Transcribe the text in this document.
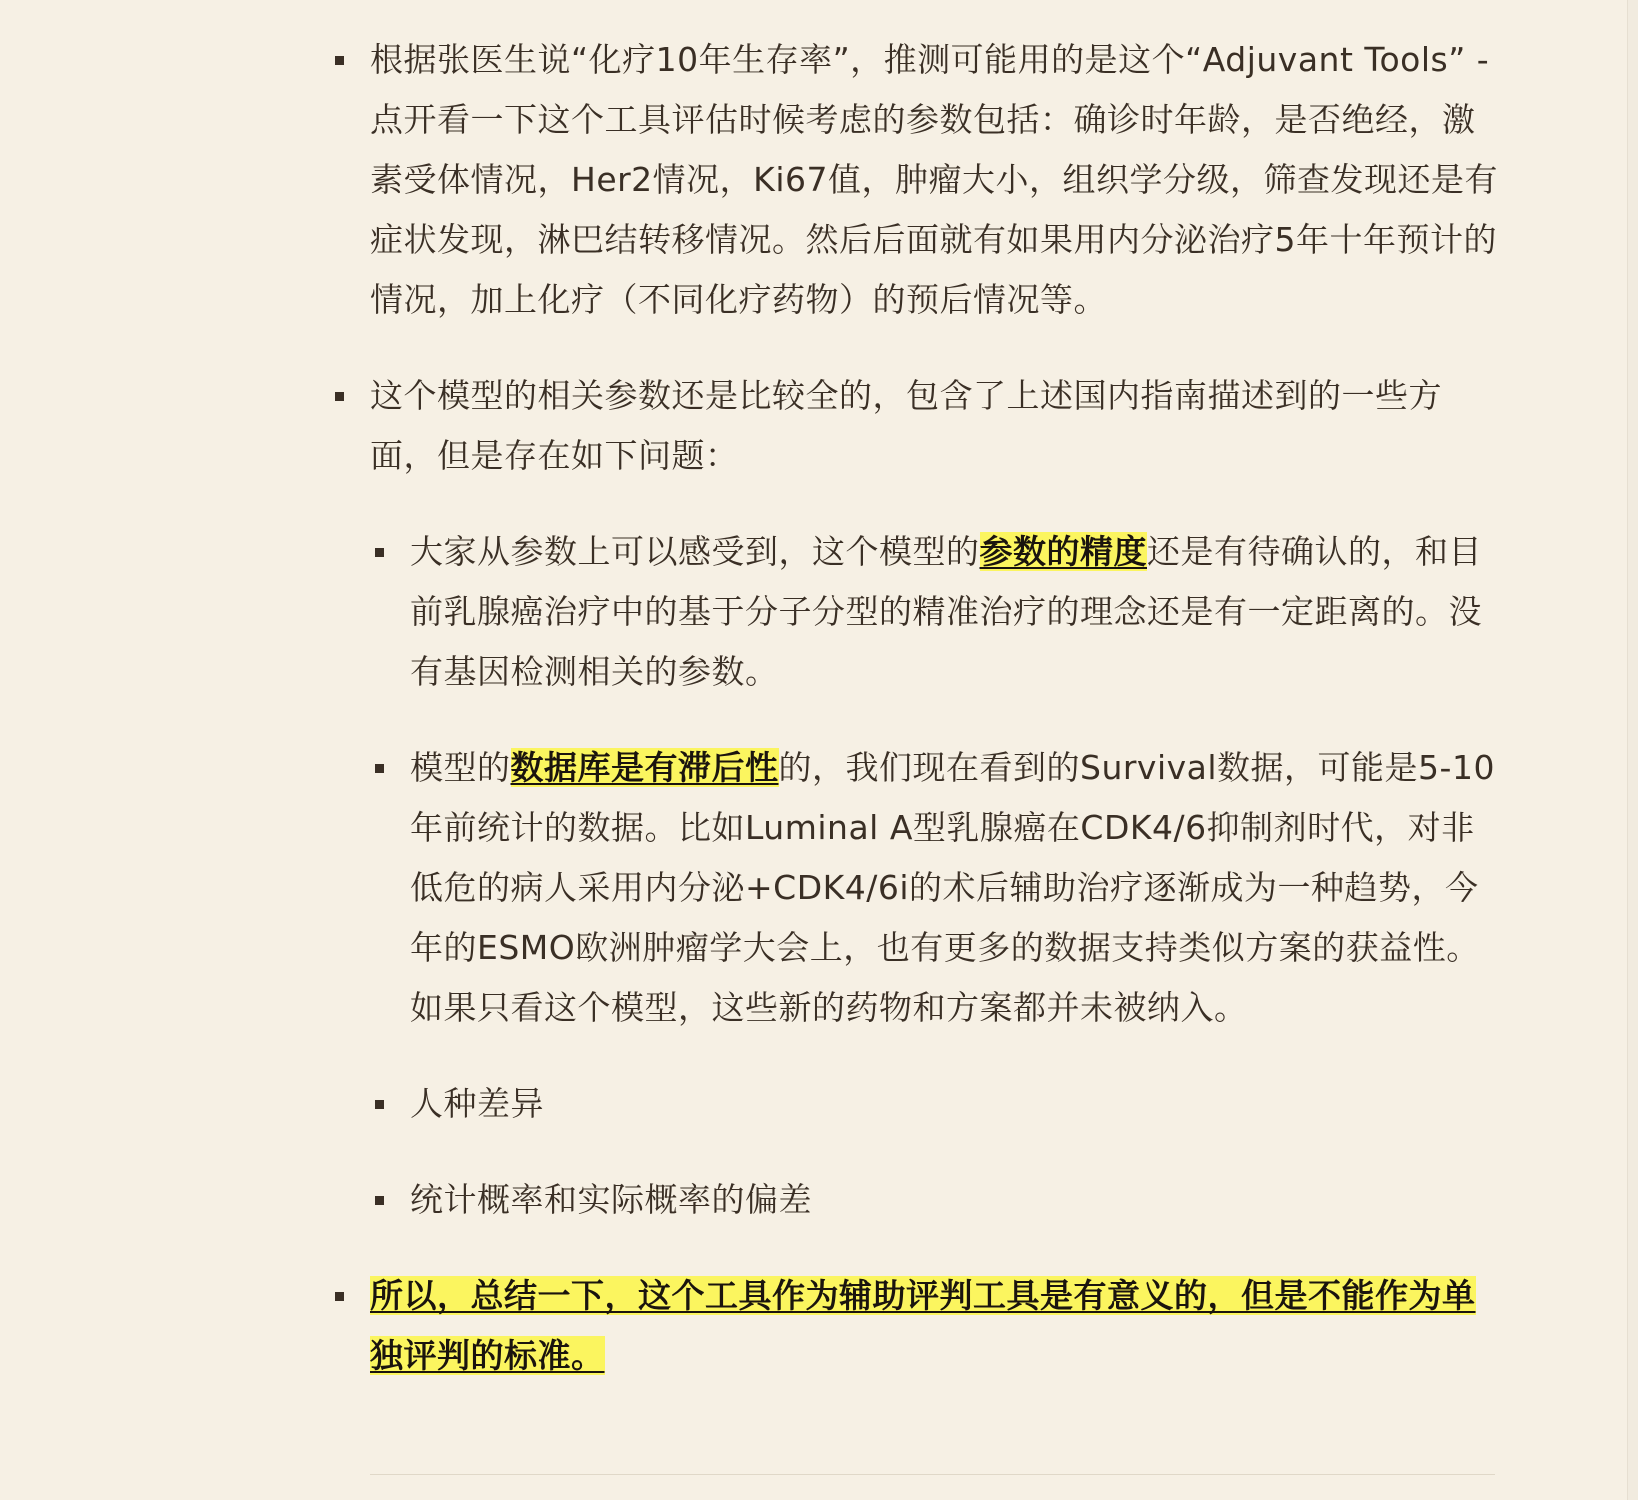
根据张医生说“化疗10年生存率”，推测可能用的是这个“Adjuvant Tools” - 点开看一下这个工具评估时候考虑的参数包括：确诊时年龄，是否绝经，激素受体情况，Her2情况，Ki67值，肿瘤大小，组织学分级，筛查发现还是有症状发现，淋巴结转移情况。然后后面就有如果用内分泌治疗5年十年预计的情况，加上化疗（不同化疗药物）的预后情况等。
这个模型的相关参数还是比较全的，包含了上述国内指南描述到的一些方面，但是存在如下问题：
大家从参数上可以感受到，这个模型的参数的精度还是有待确认的，和目前乳腺癌治疗中的基于分子分型的精准治疗的理念还是有一定距离的。没有基因检测相关的参数。
模型的数据库是有滞后性的，我们现在看到的Survival数据，可能是5-10年前统计的数据。比如Luminal A型乳腺癌在CDK4/6抑制剂时代，对非低危的病人采用内分泌+CDK4/6i的术后辅助治疗逐渐成为一种趋势，今年的ESMO欧洲肿瘤学大会上，也有更多的数据支持类似方案的获益性。如果只看这个模型，这些新的药物和方案都并未被纳入。
人种差异
统计概率和实际概率的偏差
所以，总结一下，这个工具作为辅助评判工具是有意义的，但是不能作为单独评判的标准。
